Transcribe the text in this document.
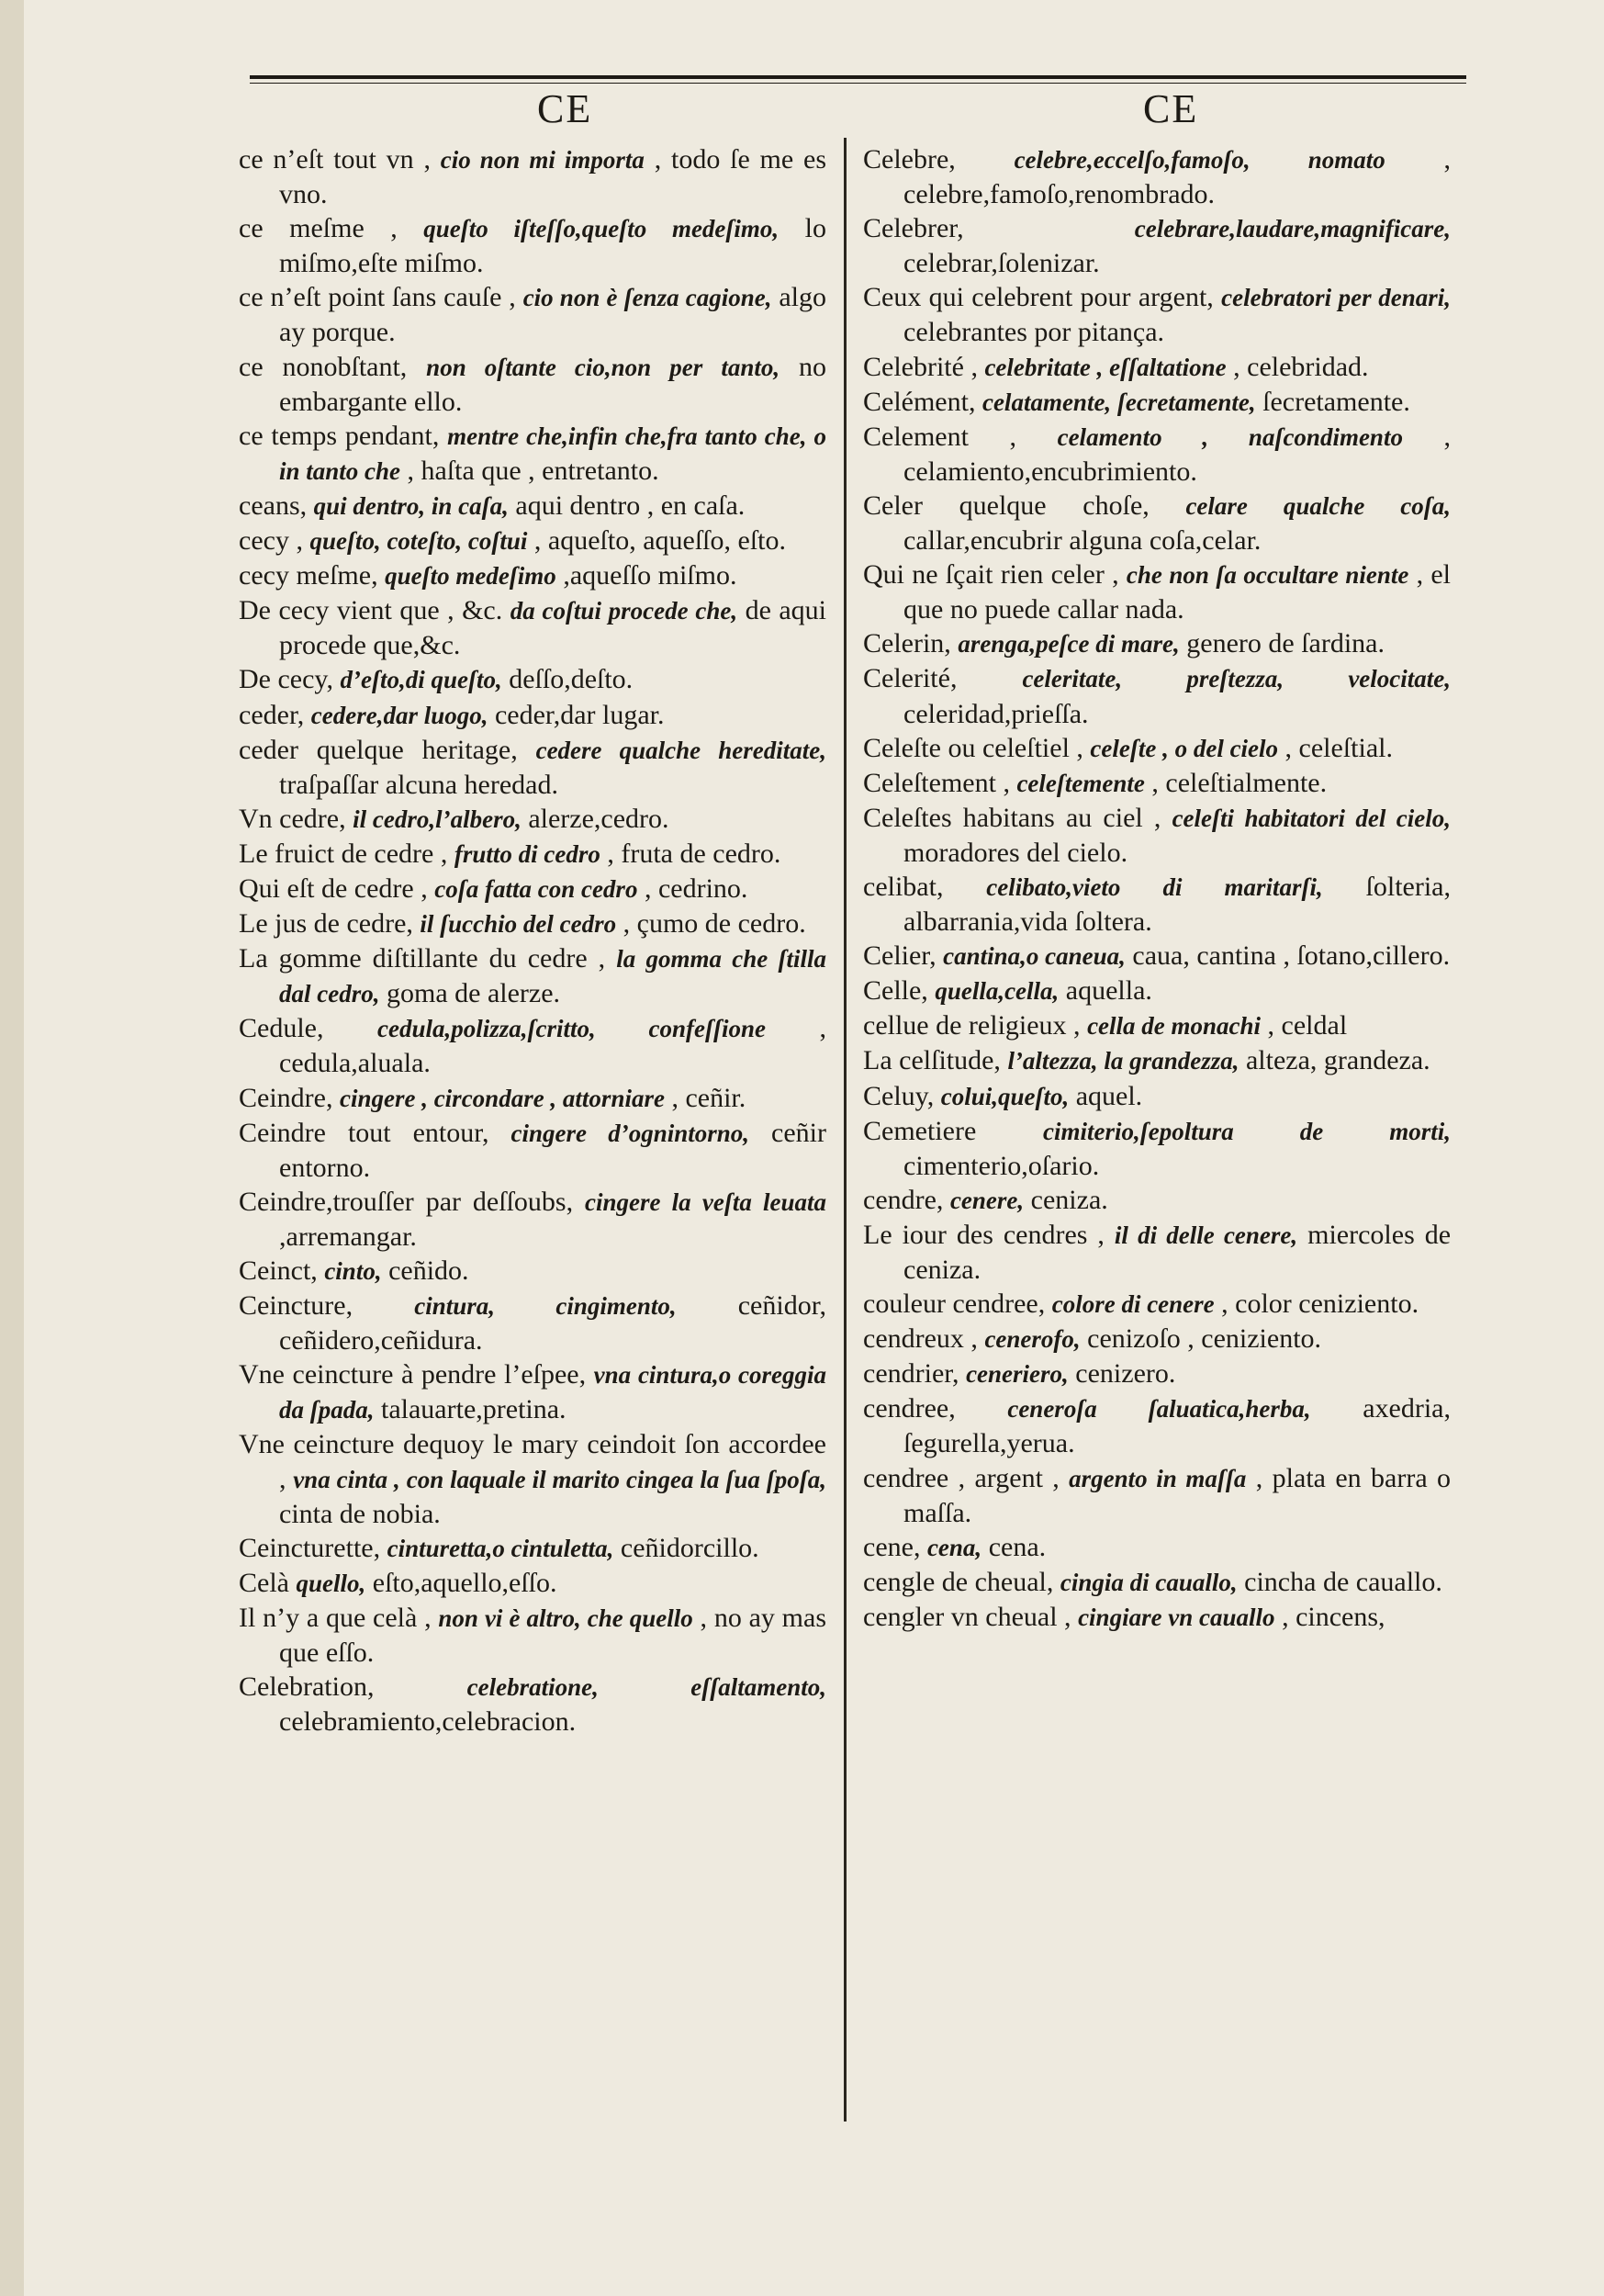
CE	CE

ce n’eſt tout vn , cio non mi importa , todo ſe me es vno.

ce meſme , queſto iſteſſo,queſto medeſimo, lo miſmo,eſte miſmo.

ce n’eſt point ſans cauſe , cio non è ſenza cagione, algo ay porque.

ce nonobſtant, non oſtante cio,non per tanto, no embargante ello.

ce temps pendant, mentre che,infin che,fra tanto che, o in tanto che , haſta que , entretanto.

ceans, qui dentro, in caſa, aqui dentro , en caſa.

cecy , queſto, coteſto, coſtui , aqueſto, aqueſſo, eſto.

cecy meſme, queſto medeſimo ,aqueſſo miſmo.

De cecy vient que , &c. da coſtui procede che, de aqui procede que,&c.

De cecy, d’eſto,di queſto, deſſo,deſto.

ceder, cedere,dar luogo, ceder,dar lugar.

ceder quelque heritage, cedere qualche hereditate, traſpaſſar alcuna heredad.

Vn cedre, il cedro,l’albero, alerze,cedro.

Le fruict de cedre , frutto di cedro , fruta de cedro.

Qui eſt de cedre , coſa fatta con cedro , cedrino.

Le jus de cedre, il ſucchio del cedro , çumo de cedro.

La gomme diſtillante du cedre , la gomma che ſtilla dal cedro, goma de alerze.

Cedule, cedula,polizza,ſcritto, confeſſione , cedula,aluala.

Ceindre, cingere , circondare , attorniare , ceñir.

Ceindre tout entour, cingere d’ognintorno, ceñir entorno.

Ceindre,trouſſer par deſſoubs, cingere la veſta leuata ,arremangar.

Ceinct, cinto, ceñido.

Ceincture, cintura, cingimento, ceñidor, ceñidero,ceñidura.

Vne ceincture à pendre l’eſpee, vna cintura,o coreggia da ſpada, talauarte,pretina.

Vne ceincture dequoy le mary ceindoit ſon accordee , vna cinta , con laquale il marito cingea la ſua ſpoſa, cinta de nobia.

Ceincturette, cinturetta,o cintuletta, ceñidorcillo.

Celà quello, eſto,aquello,eſſo.

Il n’y a que celà , non vi è altro, che quello , no ay mas que eſſo.

Celebration,	celebratione, eſſaltamento, celebramiento,celebracion.

Celebre, celebre,eccelſo,famoſo, nomato , celebre,famoſo,renombrado.

Celebrer,	celebrare,laudare,magnificare, celebrar,ſolenizar.

Ceux qui celebrent pour argent, celebratori per denari, celebrantes por pitança.

Celebrité , celebritate , eſſaltatione , celebridad.

Celément, celatamente, ſecretamente, ſecretamente.

Celement , celamento , naſcondimento , celamiento,encubrimiento.

Celer quelque choſe, celare qualche coſa, callar,encubrir alguna coſa,celar.

Qui ne ſçait rien celer , che non ſa occultare niente , el que no puede callar nada.

Celerin, arenga,peſce di mare, genero de ſardina.

Celerité,	celeritate, preſtezza, velocitate, celeridad,prieſſa.

Celeſte ou celeſtiel , celeſte , o del cielo , celeſtial.

Celeſtement , celeſtemente , celeſtialmente.

Celeſtes habitans au ciel , celeſti habitatori del cielo, moradores del cielo.

celibat, celibato,vieto di maritarſi, ſolteria, albarrania,vida ſoltera.

Celier, cantina,o caneua, caua, cantina , ſotano,cillero.

Celle, quella,cella, aquella.

cellue de religieux , cella de monachi , celdal

La celſitude, l’altezza, la grandezza, alteza, grandeza.

Celuy, colui,queſto, aquel.

Cemetiere	cimiterio,ſepoltura de morti, cimenterio,oſario.

cendre, cenere, ceniza.

Le iour des cendres , il di delle cenere, miercoles de ceniza.

couleur cendree, colore di cenere , color ceniziento.

cendreux , cenerofo, cenizoſo , ceniziento.

cendrier, ceneriero, cenizero.

cendree, ceneroſa ſaluatica,herba, axedria, ſegurella,yerua.

cendree , argent , argento in maſſa , plata en barra o maſſa.

cene, cena, cena.

cengle de cheual, cingia di cauallo, cincha de cauallo.

cengler vn cheual , cingiare vn cauallo , cincens,
